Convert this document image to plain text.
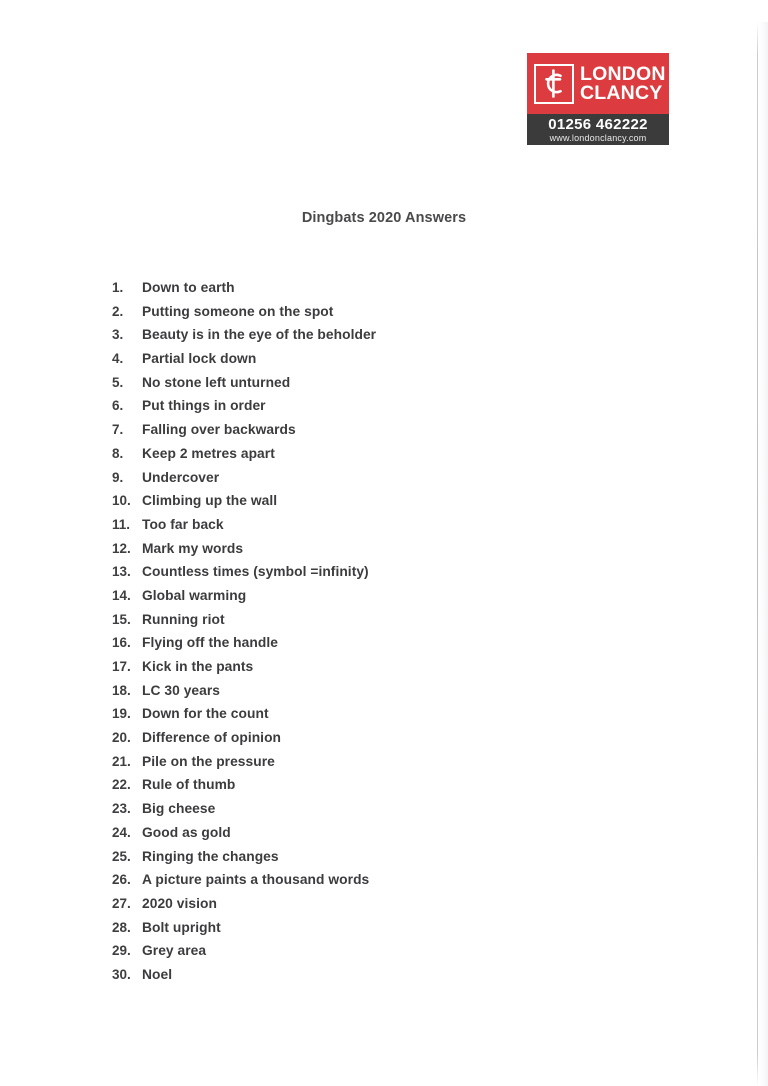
LONDON
CLANCY
01256 462222
www.londonclancy.com
Dingbats 2020 Answers
1.	Down to earth
2.	Putting someone on the spot
3.	Beauty is in the eye of the beholder
4.	Partial lock down
5.	No stone left unturned
6.	Put things in order
7.	Falling over backwards
8.	Keep 2 metres apart
9.	Undercover
10. Climbing up the wall
11. Too far back
12. Mark my words
13. Countless times (symbol =infinity)
14. Global warming
15. Running riot
16. Flying off the handle
17. Kick in the pants
18. LC 30 years
19. Down for the count
20. Difference of opinion
21. Pile on the pressure
22. Rule of thumb
23. Big cheese
24. Good as gold
25. Ringing the changes
26. A picture paints a thousand words
27. 2020 vision
28. Bolt upright
29. Grey area
30. Noel
